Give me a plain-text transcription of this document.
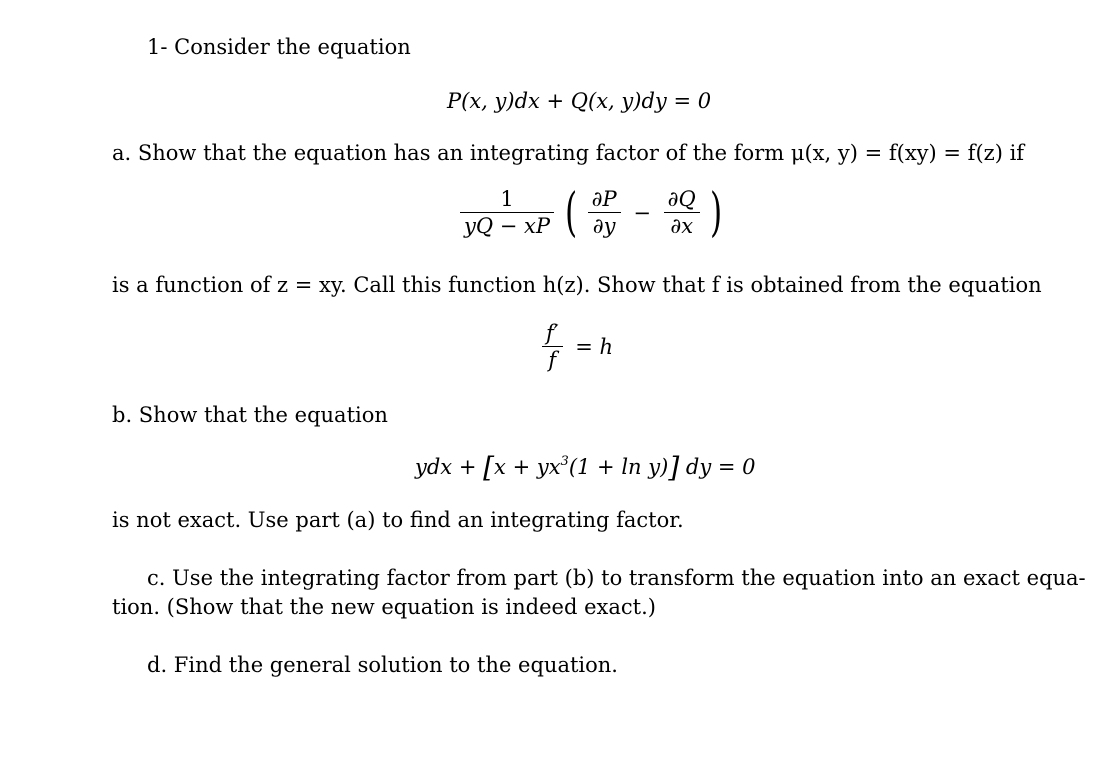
1- Consider the equation
P(x, y)dx + Q(x, y)dy = 0
a. Show that the equation has an integrating factor of the form μ(x, y) = f(xy) = f(z) if
$\frac{1}{yQ - xP}$ ( $\frac{\partial P}{\partial y} - \frac{\partial Q}{\partial x}$ )
is a function of z = xy. Call this function h(z). Show that f is obtained from the equation
$\frac{f'}{f} = h$
b. Show that the equation
ydx + $[x + yx^3(1 + \ln y)]$ dy = 0
is not exact. Use part (a) to find an integrating factor.
c. Use the integrating factor from part (b) to transform the equation into an exact equa-
tion. (Show that the new equation is indeed exact.)
d. Find the general solution to the equation.
